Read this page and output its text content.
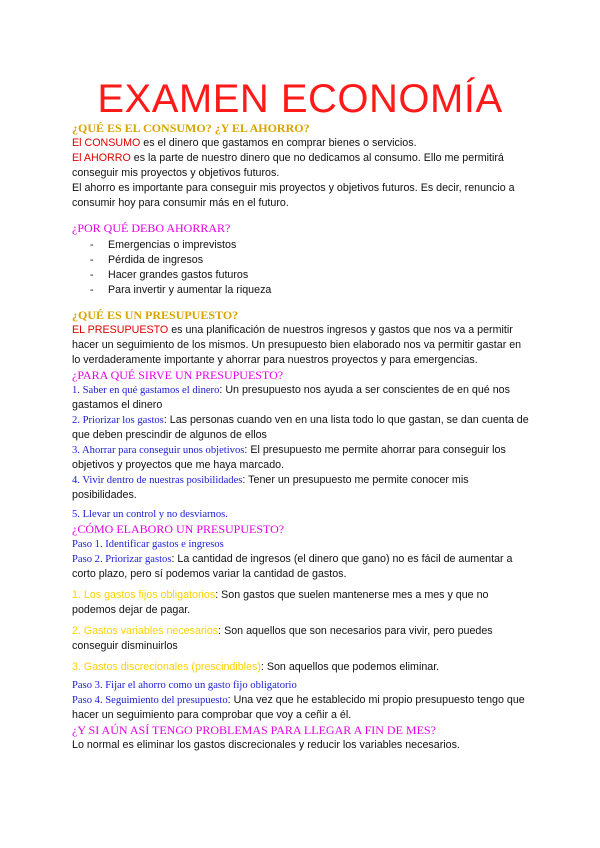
EXAMEN ECONOMÍA

¿QUÉ ES EL CONSUMO? ¿Y EL AHORRO?

El CONSUMO es el dinero que gastamos en comprar bienes o servicios.

El AHORRO es la parte de nuestro dinero que no dedicamos al consumo. Ello me permitirá conseguir mis proyectos y objetivos futuros.

El ahorro es importante para conseguir mis proyectos y objetivos futuros. Es decir, renuncio a consumir hoy para consumir más en el futuro.

¿POR QUÉ DEBO AHORRAR?

- Emergencias o imprevistos
- Pérdida de ingresos
- Hacer grandes gastos futuros
- Para invertir y aumentar la riqueza

¿QUÉ ES UN PRESUPUESTO?

EL PRESUPUESTO es una planificación de nuestros ingresos y gastos que nos va a permitir hacer un seguimiento de los mismos. Un presupuesto bien elaborado nos va permitir gastar en lo verdaderamente importante y ahorrar para nuestros proyectos y para emergencias.

¿PARA QUÉ SIRVE UN PRESUPUESTO?

1. Saber en qué gastamos el dinero: Un presupuesto nos ayuda a ser conscientes de en qué nos gastamos el dinero

2. Priorizar los gastos: Las personas cuando ven en una lista todo lo que gastan, se dan cuenta de que deben prescindir de algunos de ellos

3. Ahorrar para conseguir unos objetivos: El presupuesto me permite ahorrar para conseguir los objetivos y proyectos que me haya marcado.

4. Vivir dentro de nuestras posibilidades: Tener un presupuesto me permite conocer mis posibilidades.

5. Llevar un control y no desviarnos.

¿CÓMO ELABORO UN PRESUPUESTO?

Paso 1. Identificar gastos e ingresos

Paso 2. Priorizar gastos: La cantidad de ingresos (el dinero que gano) no es fácil de aumentar a corto plazo, pero sí podemos variar la cantidad de gastos.

1. Los gastos fijos obligatorios: Son gastos que suelen mantenerse mes a mes y que no podemos dejar de pagar.

2. Gastos variables necesarios: Son aquellos que son necesarios para vivir, pero puedes conseguir disminuirlos

3. Gastos discrecionales (prescindibles): Son aquellos que podemos eliminar.

Paso 3. Fijar el ahorro como un gasto fijo obligatorio

Paso 4. Seguimiento del presupuesto: Una vez que he establecido mi propio presupuesto tengo que hacer un seguimiento para comprobar que voy a ceñir a él.

¿Y SI AÚN ASÍ TENGO PROBLEMAS PARA LLEGAR A FIN DE MES?

Lo normal es eliminar los gastos discrecionales y reducir los variables necesarios.
